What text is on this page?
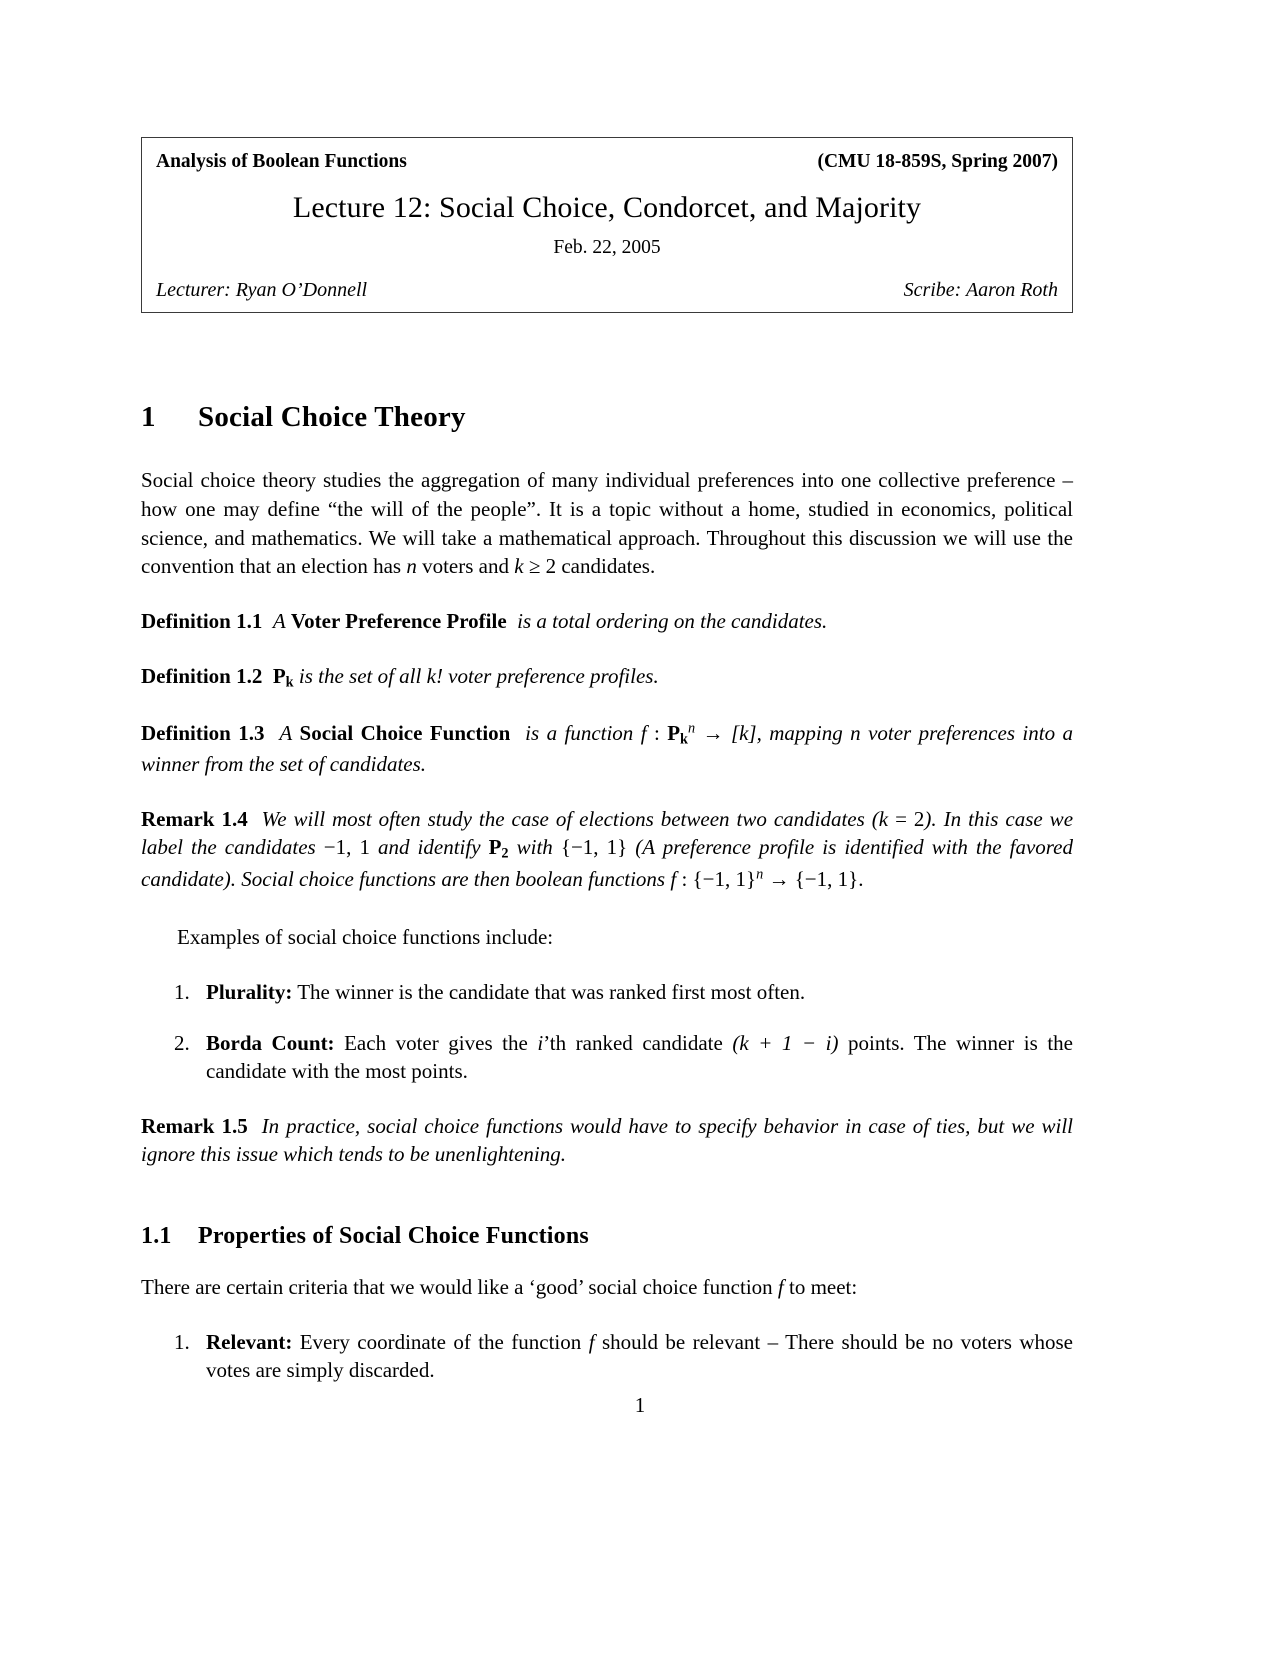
Analysis of Boolean Functions	(CMU 18-859S, Spring 2007)
Lecture 12: Social Choice, Condorcet, and Majority
Feb. 22, 2005
Lecturer: Ryan O’Donnell	Scribe: Aaron Roth
1 Social Choice Theory

Social choice theory studies the aggregation of many individual preferences into one collective preference – how one may define “the will of the people”. It is a topic without a home, studied in economics, political science, and mathematics. We will take a mathematical approach. Throughout this discussion we will use the convention that an election has n voters and k ≥ 2 candidates.

Definition 1.1 A Voter Preference Profile is a total ordering on the candidates.

Definition 1.2 $P_k$ is the set of all k! voter preference profiles.

Definition 1.3 A Social Choice Function is a function f : $P_k^n \to [k]$, mapping n voter preferences into a winner from the set of candidates.

Remark 1.4 We will most often study the case of elections between two candidates (k = 2). In this case we label the candidates −1, 1 and identify $P_2$ with {−1, 1} (A preference profile is identified with the favored candidate). Social choice functions are then boolean functions f : {−1, 1}$^n$ → {−1, 1}.

Examples of social choice functions include:

1. Plurality: The winner is the candidate that was ranked first most often.
2. Borda Count: Each voter gives the i’th ranked candidate (k + 1 − i) points. The winner is the candidate with the most points.

Remark 1.5 In practice, social choice functions would have to specify behavior in case of ties, but we will ignore this issue which tends to be unenlightening.

1.1 Properties of Social Choice Functions

There are certain criteria that we would like a ‘good’ social choice function f to meet:

1. Relevant: Every coordinate of the function f should be relevant – There should be no voters whose votes are simply discarded.
1
